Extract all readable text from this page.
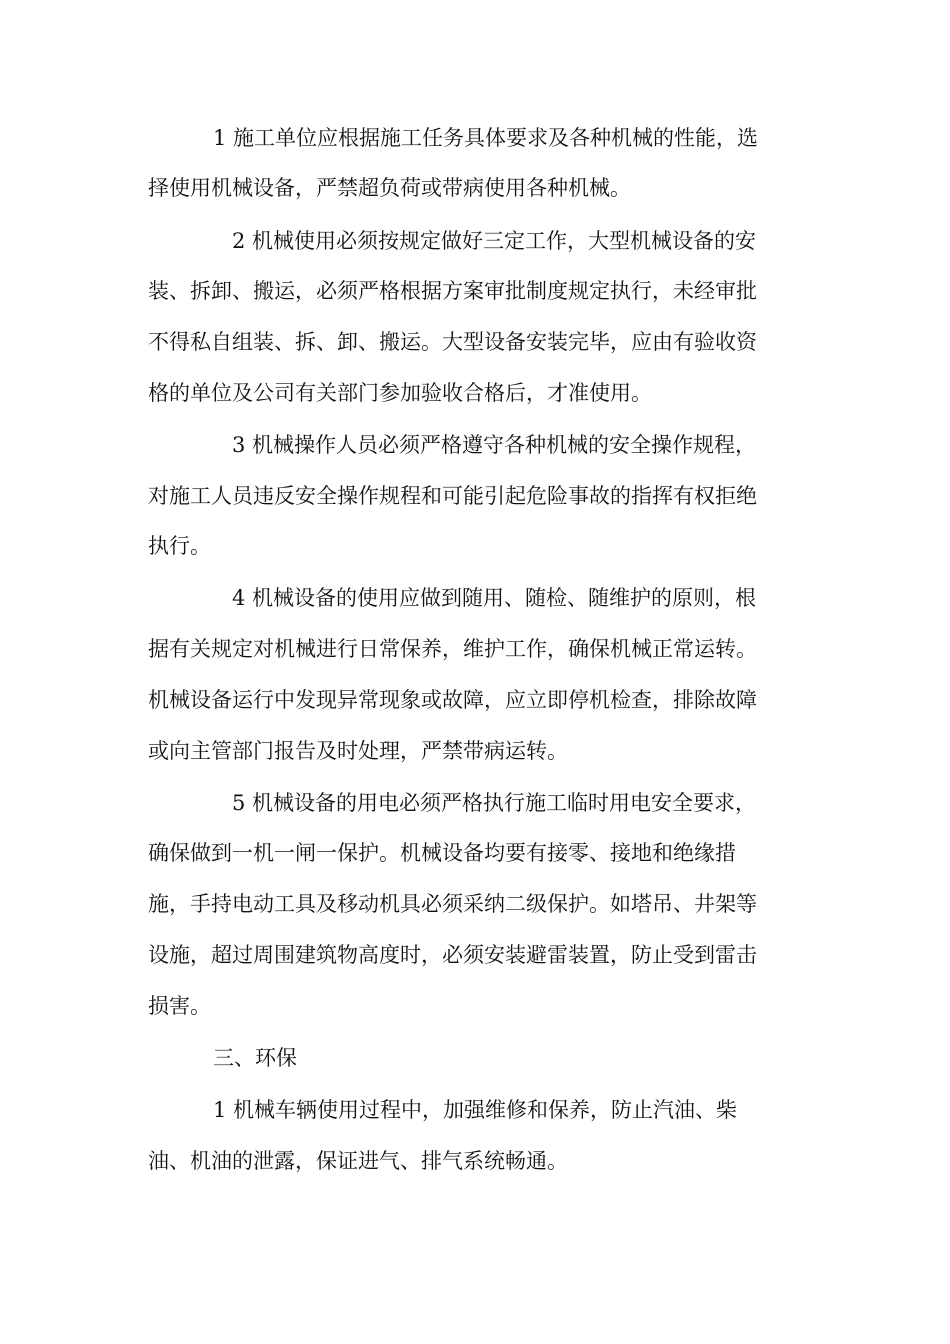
1 施工单位应根据施工任务具体要求及各种机械的性能，选
择使用机械设备，严禁超负荷或带病使用各种机械。
2 机械使用必须按规定做好三定工作，大型机械设备的安
装、拆卸、搬运，必须严格根据方案审批制度规定执行，未经审批
不得私自组装、拆、卸、搬运。大型设备安装完毕，应由有验收资
格的单位及公司有关部门参加验收合格后，才准使用。
3 机械操作人员必须严格遵守各种机械的安全操作规程，
对施工人员违反安全操作规程和可能引起危险事故的指挥有权拒绝
执行。
4 机械设备的使用应做到随用、随检、随维护的原则，根
据有关规定对机械进行日常保养，维护工作，确保机械正常运转。
机械设备运行中发现异常现象或故障，应立即停机检查，排除故障
或向主管部门报告及时处理，严禁带病运转。
5 机械设备的用电必须严格执行施工临时用电安全要求，
确保做到一机一闸一保护。机械设备均要有接零、接地和绝缘措
施，手持电动工具及移动机具必须采纳二级保护。如塔吊、井架等
设施，超过周围建筑物高度时，必须安装避雷装置，防止受到雷击
损害。
三、环保
1 机械车辆使用过程中，加强维修和保养，防止汽油、柴
油、机油的泄露，保证进气、排气系统畅通。
